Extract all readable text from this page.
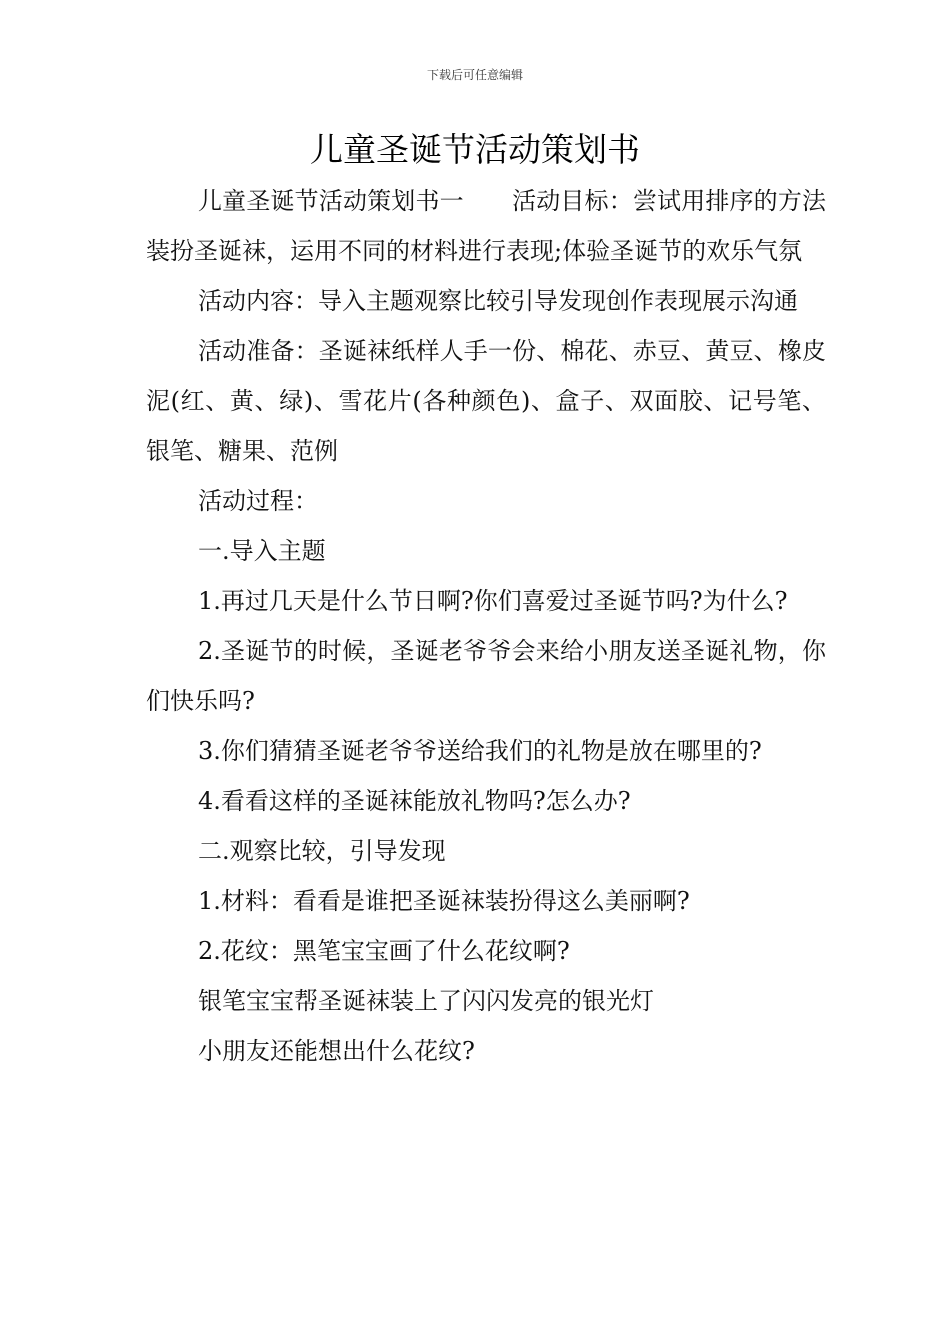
下载后可任意编辑
儿童圣诞节活动策划书

儿童圣诞节活动策划书一　　活动目标：尝试用排序的方法装扮圣诞袜，运用不同的材料进行表现;体验圣诞节的欢乐气氛

活动内容：导入主题观察比较引导发现创作表现展示沟通

活动准备：圣诞袜纸样人手一份、棉花、赤豆、黄豆、橡皮泥(红、黄、绿)、雪花片(各种颜色)、盒子、双面胶、记号笔、银笔、糖果、范例

活动过程：

一.导入主题

1.再过几天是什么节日啊?你们喜爱过圣诞节吗?为什么?

2.圣诞节的时候，圣诞老爷爷会来给小朋友送圣诞礼物，你们快乐吗?

3.你们猜猜圣诞老爷爷送给我们的礼物是放在哪里的?

4.看看这样的圣诞袜能放礼物吗?怎么办?

二.观察比较，引导发现

1.材料：看看是谁把圣诞袜装扮得这么美丽啊?

2.花纹：黑笔宝宝画了什么花纹啊?

银笔宝宝帮圣诞袜装上了闪闪发亮的银光灯

小朋友还能想出什么花纹?
